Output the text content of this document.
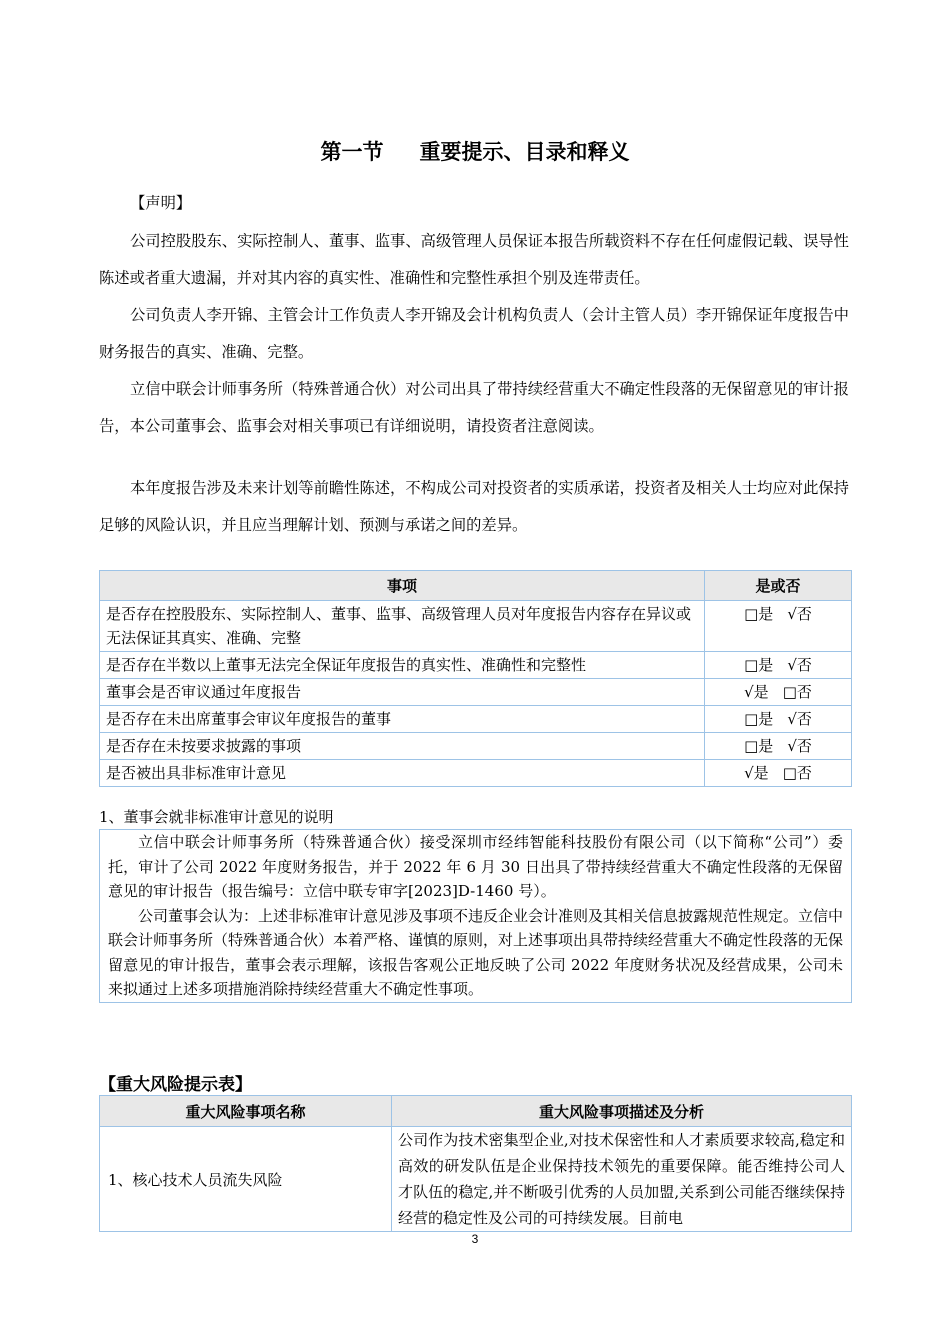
第一节 重要提示、目录和释义
【声明】
公司控股股东、实际控制人、董事、监事、高级管理人员保证本报告所载资料不存在任何虚假记载、误导性陈述或者重大遗漏，并对其内容的真实性、准确性和完整性承担个别及连带责任。
公司负责人李开锦、主管会计工作负责人李开锦及会计机构负责人（会计主管人员）李开锦保证年度报告中财务报告的真实、准确、完整。
立信中联会计师事务所（特殊普通合伙）对公司出具了带持续经营重大不确定性段落的无保留意见的审计报告，本公司董事会、监事会对相关事项已有详细说明，请投资者注意阅读。
本年度报告涉及未来计划等前瞻性陈述，不构成公司对投资者的实质承诺，投资者及相关人士均应对此保持足够的风险认识，并且应当理解计划、预测与承诺之间的差异。
事项	是或否
是否存在控股股东、实际控制人、董事、监事、高级管理人员对年度报告内容存在异议或无法保证其真实、准确、完整	□是 √否
是否存在半数以上董事无法完全保证年度报告的真实性、准确性和完整性	□是 √否
董事会是否审议通过年度报告	√是 □否
是否存在未出席董事会审议年度报告的董事	□是 √否
是否存在未按要求披露的事项	□是 √否
是否被出具非标准审计意见	√是 □否
1、董事会就非标准审计意见的说明

立信中联会计师事务所（特殊普通合伙）接受深圳市经纬智能科技股份有限公司（以下简称“公司”）委托，审计了公司 2022 年度财务报告，并于 2022 年 6 月 30 日出具了带持续经营重大不确定性段落的无保留意见的审计报告（报告编号：立信中联专审字[2023]D-1460 号）。

公司董事会认为：上述非标准审计意见涉及事项不违反企业会计准则及其相关信息披露规范性规定。立信中联会计师事务所（特殊普通合伙）本着严格、谨慎的原则，对上述事项出具带持续经营重大不确定性段落的无保留意见的审计报告，董事会表示理解，该报告客观公正地反映了公司 2022 年度财务状况及经营成果，公司未来拟通过上述多项措施消除持续经营重大不确定性事项。

【重大风险提示表】
重大风险事项名称	重大风险事项描述及分析
1、核心技术人员流失风险	公司作为技术密集型企业,对技术保密性和人才素质要求较高,稳定和高效的研发队伍是企业保持技术领先的重要保障。能否维持公司人才队伍的稳定,并不断吸引优秀的人员加盟,关系到公司能否继续保持经营的稳定性及公司的可持续发展。目前电
3
